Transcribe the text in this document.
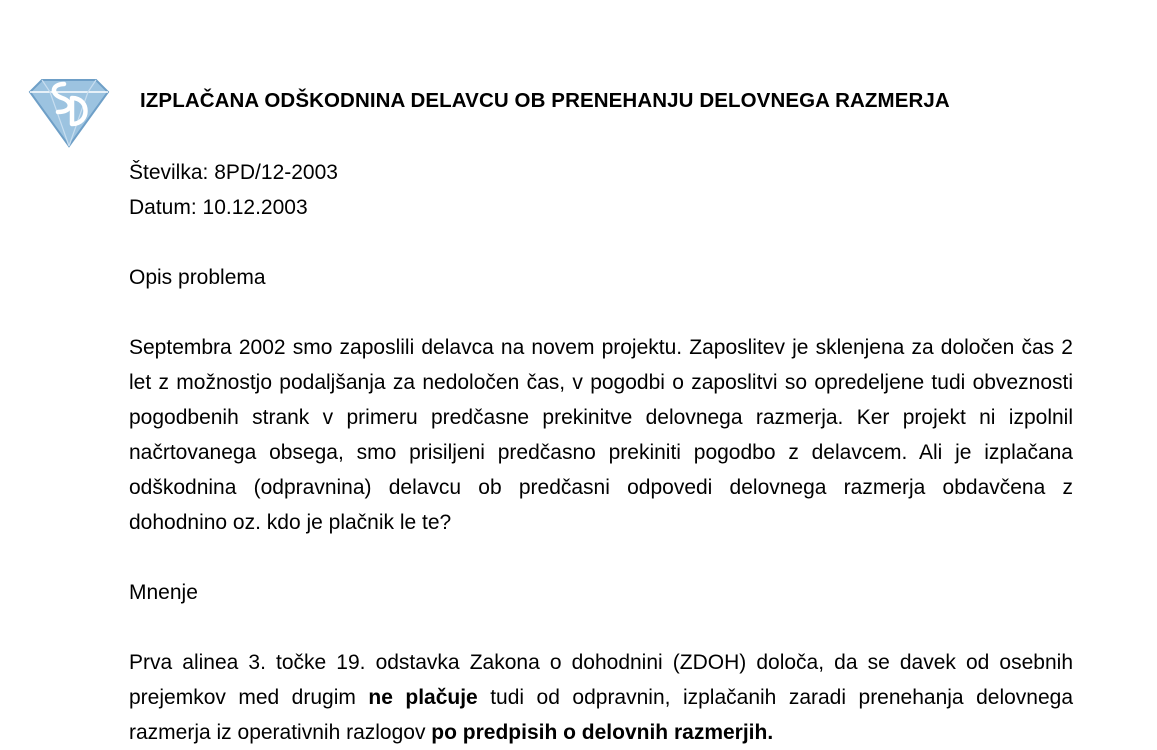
IZPLAČANA ODŠKODNINA DELAVCU OB PRENEHANJU DELOVNEGA RAZMERJA

Številka: 8PD/12-2003

Datum: 10.12.2003

Opis problema

Septembra 2002 smo zaposlili delavca na novem projektu. Zaposlitev je sklenjena za določen čas 2 let z možnostjo podaljšanja za nedoločen čas, v pogodbi o zaposlitvi so opredeljene tudi obveznosti pogodbenih strank v primeru predčasne prekinitve delovnega razmerja. Ker projekt ni izpolnil načrtovanega obsega, smo prisiljeni predčasno prekiniti pogodbo z delavcem. Ali je izplačana odškodnina (odpravnina) delavcu ob predčasni odpovedi delovnega razmerja obdavčena z dohodnino oz. kdo je plačnik le te?

Mnenje

Prva alinea 3. točke 19. odstavka Zakona o dohodnini (ZDOH) določa, da se davek od osebnih prejemkov med drugim ne plačuje tudi od odpravnin, izplačanih zaradi prenehanja delovnega razmerja iz operativnih razlogov po predpisih o delovnih razmerjih.
